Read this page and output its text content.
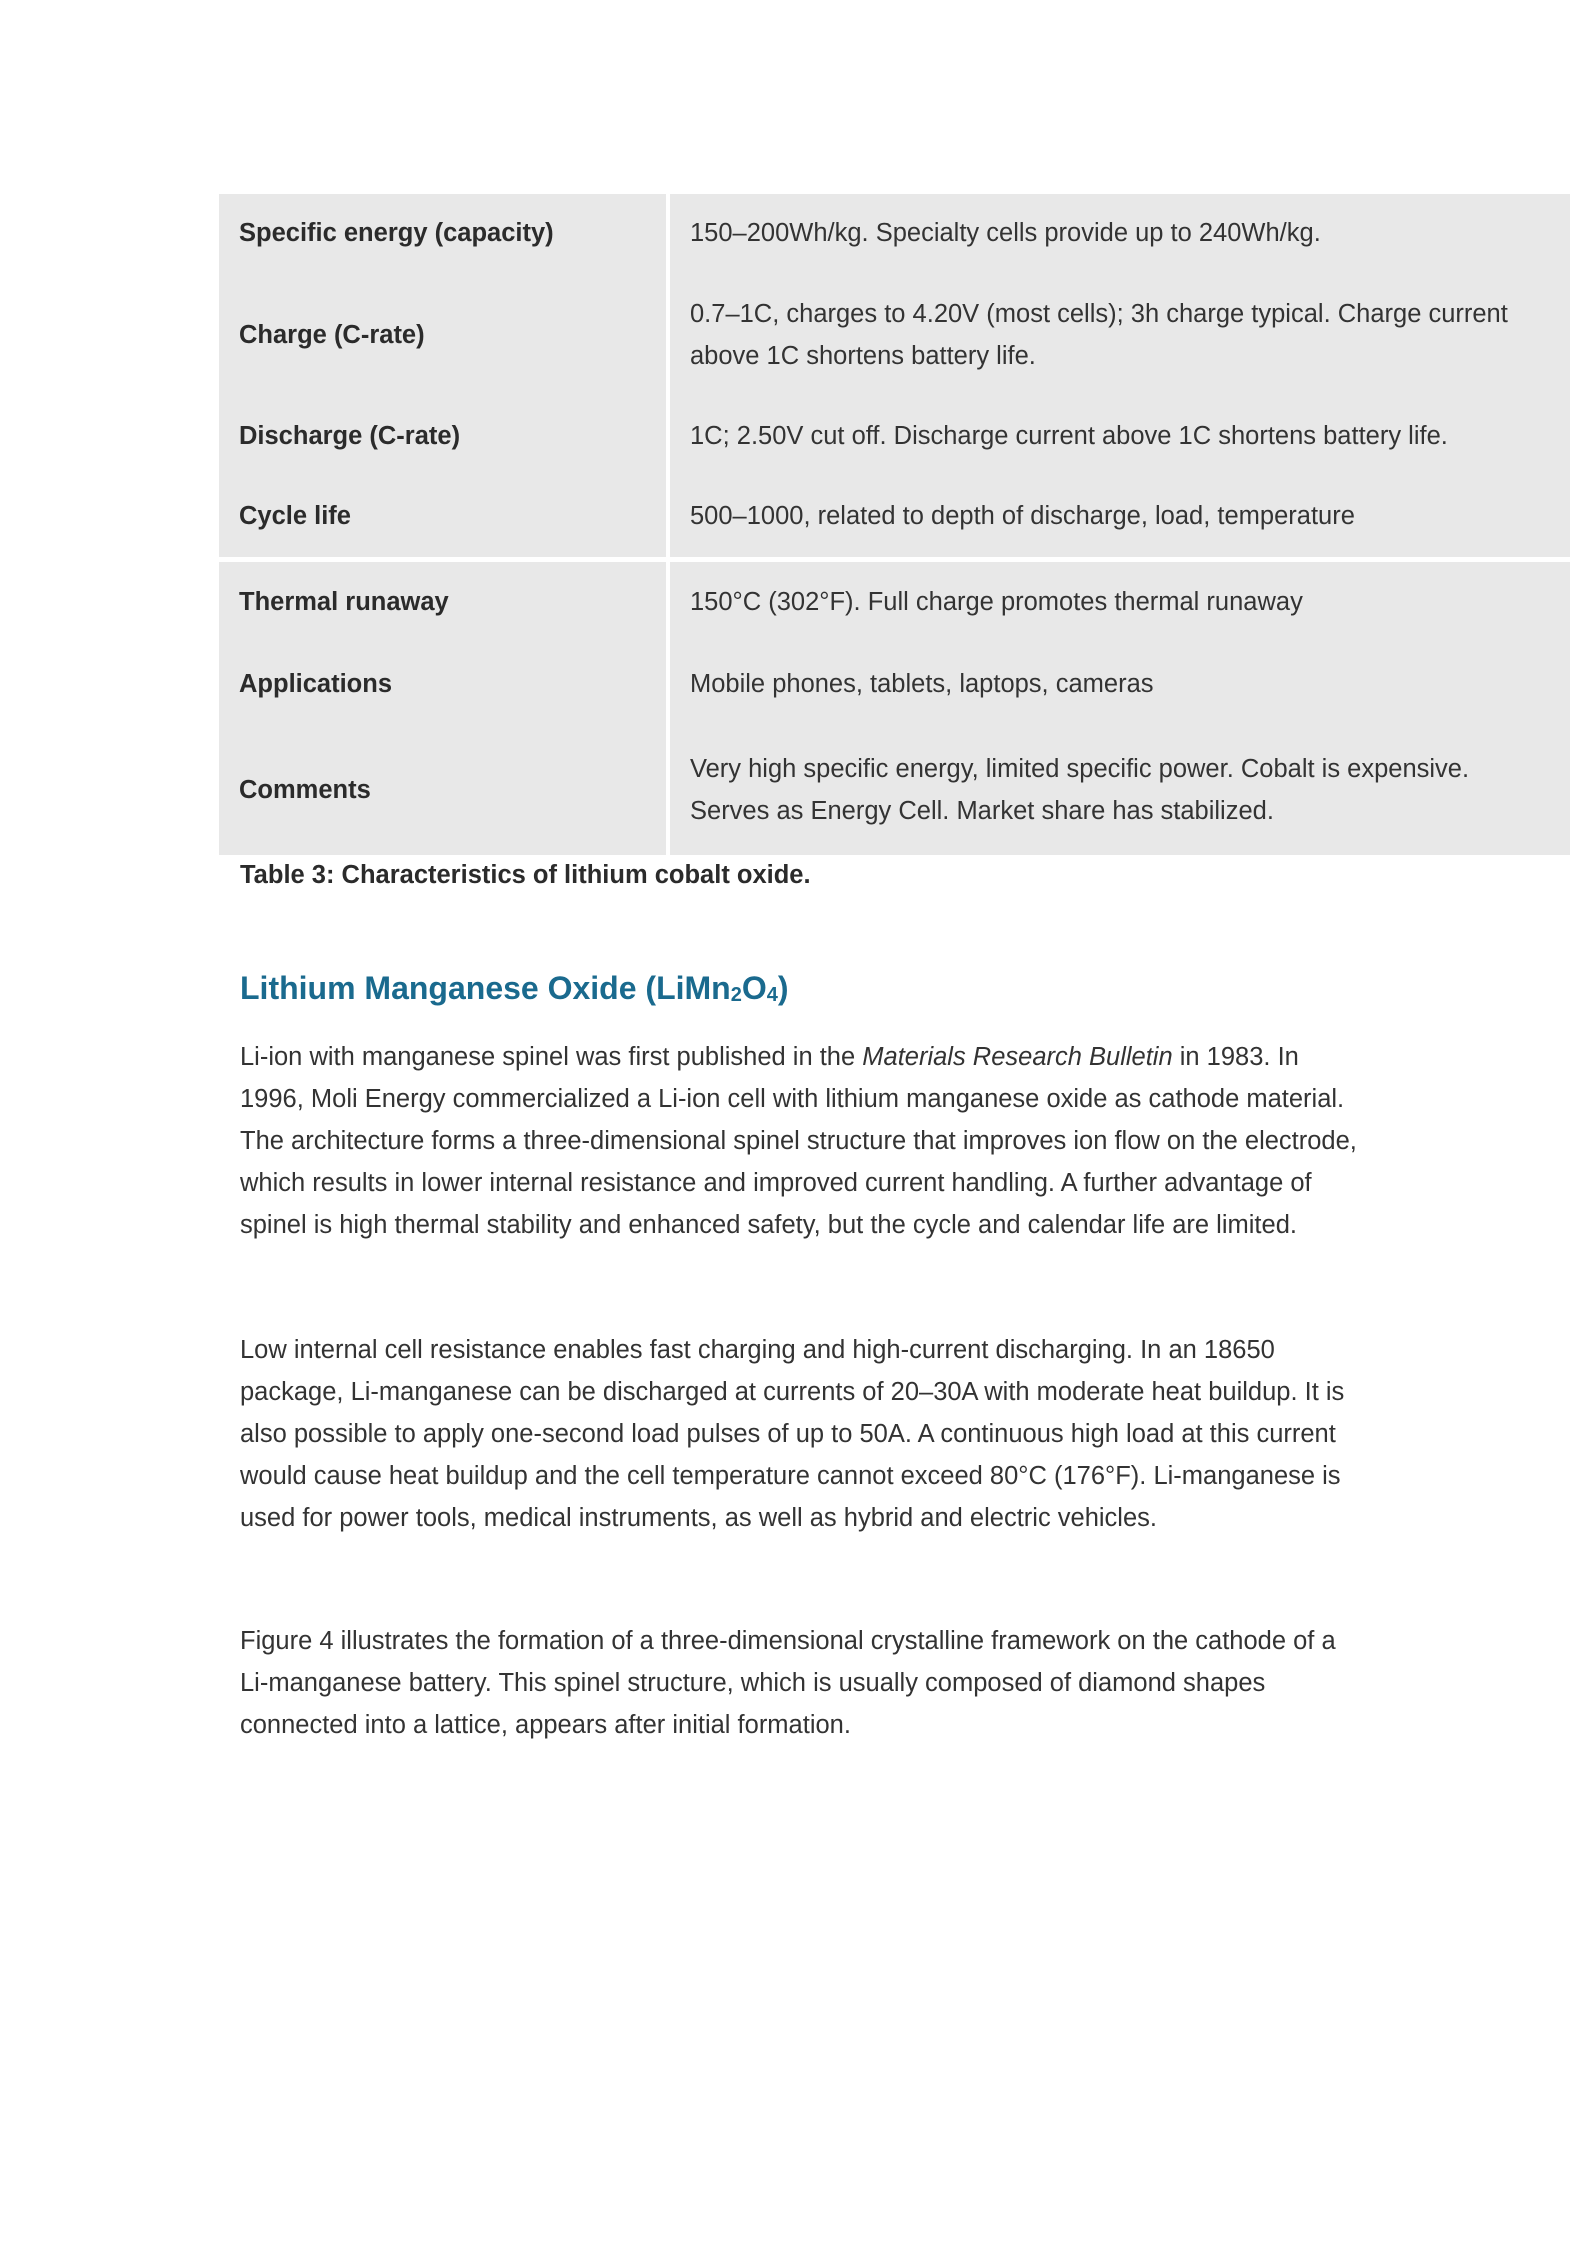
Specific energy (capacity)	150–200Wh/kg. Specialty cells provide up to 240Wh/kg.
Charge (C-rate)	0.7–1C, charges to 4.20V (most cells); 3h charge typical. Charge current above 1C shortens battery life.
Discharge (C-rate)	1C; 2.50V cut off. Discharge current above 1C shortens battery life.
Cycle life	500–1000, related to depth of discharge, load, temperature
Thermal runaway	150°C (302°F). Full charge promotes thermal runaway
Applications	Mobile phones, tablets, laptops, cameras
Comments	Very high specific energy, limited specific power. Cobalt is expensive. Serves as Energy Cell. Market share has stabilized.

Table 3: Characteristics of lithium cobalt oxide.

Lithium Manganese Oxide $(LiMn_2O_4)$

Li-ion with manganese spinel was first published in the Materials Research Bulletin in 1983. In 1996, Moli Energy commercialized a Li-ion cell with lithium manganese oxide as cathode material. The architecture forms a three-dimensional spinel structure that improves ion flow on the electrode, which results in lower internal resistance and improved current handling. A further advantage of spinel is high thermal stability and enhanced safety, but the cycle and calendar life are limited.

Low internal cell resistance enables fast charging and high-current discharging. In an 18650 package, Li-manganese can be discharged at currents of 20–30A with moderate heat buildup. It is also possible to apply one-second load pulses of up to 50A. A continuous high load at this current would cause heat buildup and the cell temperature cannot exceed 80°C (176°F). Li-manganese is used for power tools, medical instruments, as well as hybrid and electric vehicles.

Figure 4 illustrates the formation of a three-dimensional crystalline framework on the cathode of a Li-manganese battery. This spinel structure, which is usually composed of diamond shapes connected into a lattice, appears after initial formation.
